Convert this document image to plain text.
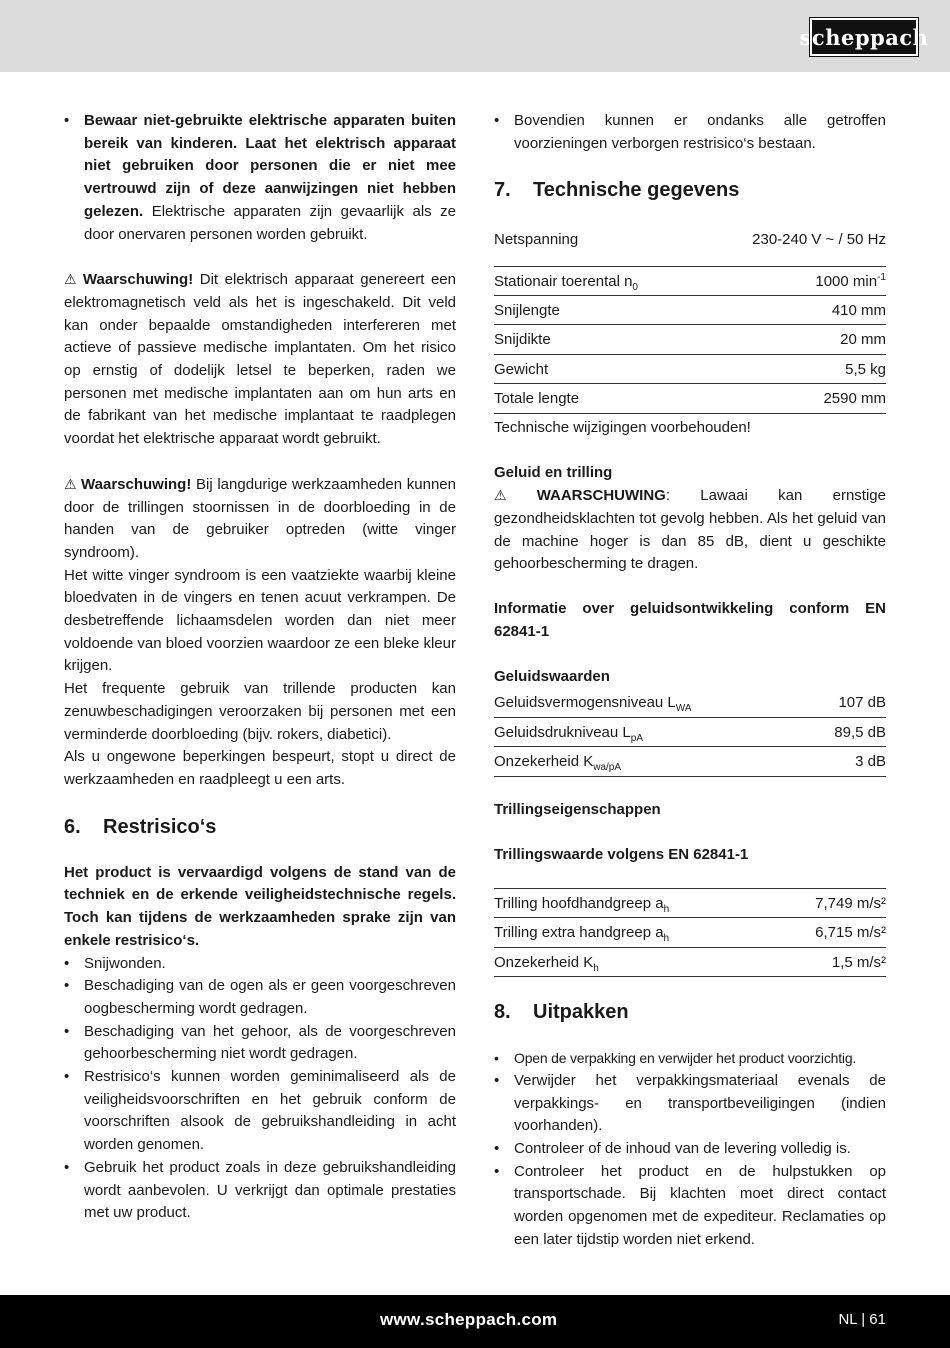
scheppach
• Bewaar niet-gebruikte elektrische apparaten buiten bereik van kinderen. Laat het elektrisch apparaat niet gebruiken door personen die er niet mee vertrouwd zijn of deze aanwijzingen niet hebben gelezen. Elektrische apparaten zijn gevaarlijk als ze door onervaren personen worden gebruikt.
⚠ Waarschuwing! Dit elektrisch apparaat genereert een elektromagnetisch veld als het is ingeschakeld. Dit veld kan onder bepaalde omstandigheden interfereren met actieve of passieve medische implantaten. Om het risico op ernstig of dodelijk letsel te beperken, raden we personen met medische implantaten aan om hun arts en de fabrikant van het medische implantaat te raadplegen voordat het elektrische apparaat wordt gebruikt.
⚠ Waarschuwing! Bij langdurige werkzaamheden kunnen door de trillingen stoornissen in de doorbloeding in de handen van de gebruiker optreden (witte vinger syndroom).
Het witte vinger syndroom is een vaatziekte waarbij kleine bloedvaten in de vingers en tenen acuut verkrampen. De desbetreffende lichaamsdelen worden dan niet meer voldoende van bloed voorzien waardoor ze een bleke kleur krijgen.
Het frequente gebruik van trillende producten kan zenuwbeschadigingen veroorzaken bij personen met een verminderde doorbloeding (bijv. rokers, diabetici).
Als u ongewone beperkingen bespeurt, stopt u direct de werkzaamheden en raadpleegt u een arts.
6.	Restrisico‘s
Het product is vervaardigd volgens de stand van de techniek en de erkende veiligheidstechnische regels. Toch kan tijdens de werkzaamheden sprake zijn van enkele restrisico‘s.
• Snijwonden.
• Beschadiging van de ogen als er geen voorgeschreven oogbescherming wordt gedragen.
• Beschadiging van het gehoor, als de voorgeschreven gehoorbescherming niet wordt gedragen.
• Restrisico‘s kunnen worden geminimaliseerd als de veiligheidsvoorschriften en het gebruik conform de voorschriften alsook de gebruikshandleiding in acht worden genomen.
• Gebruik het product zoals in deze gebruikshandleiding wordt aanbevolen. U verkrijgt dan optimale prestaties met uw product.
• Bovendien kunnen er ondanks alle getroffen voorzieningen verborgen restrisico‘s bestaan.
7.	Technische gegevens
Netspanning	230-240 V ~ / 50 Hz
Stationair toerental $n_0$	1000 $\min^{-1}$
Snijlengte	410 mm
Snijdikte	20 mm
Gewicht	5,5 kg
Totale lengte	2590 mm
Technische wijzigingen voorbehouden!
Geluid en trilling
⚠ WAARSCHUWING: Lawaai kan ernstige gezondheidsklachten tot gevolg hebben. Als het geluid van de machine hoger is dan 85 dB, dient u geschikte gehoorbescherming te dragen.
Informatie over geluidsontwikkeling conform EN 62841-1
Geluidswaarden
Geluidsvermogensniveau $L_{WA}$	107 dB
Geluidsdrukniveau $L_{pA}$	89,5 dB
Onzekerheid $K_{wa/pA}$	3 dB
Trillingseigenschappen
Trillingswaarde volgens EN 62841-1
Trilling hoofdhandgreep $a_h$	7,749 m/s²
Trilling extra handgreep $a_h$	6,715 m/s²
Onzekerheid $K_h$	1,5 m/s²
8.	Uitpakken
• Open de verpakking en verwijder het product voorzichtig.
• Verwijder het verpakkingsmateriaal evenals de verpakkings- en transportbeveiligingen (indien voorhanden).
• Controleer of de inhoud van de levering volledig is.
• Controleer het product en de hulpstukken op transportschade. Bij klachten moet direct contact worden opgenomen met de expediteur. Reclamaties op een later tijdstip worden niet erkend.
www.scheppach.com	NL | 61
